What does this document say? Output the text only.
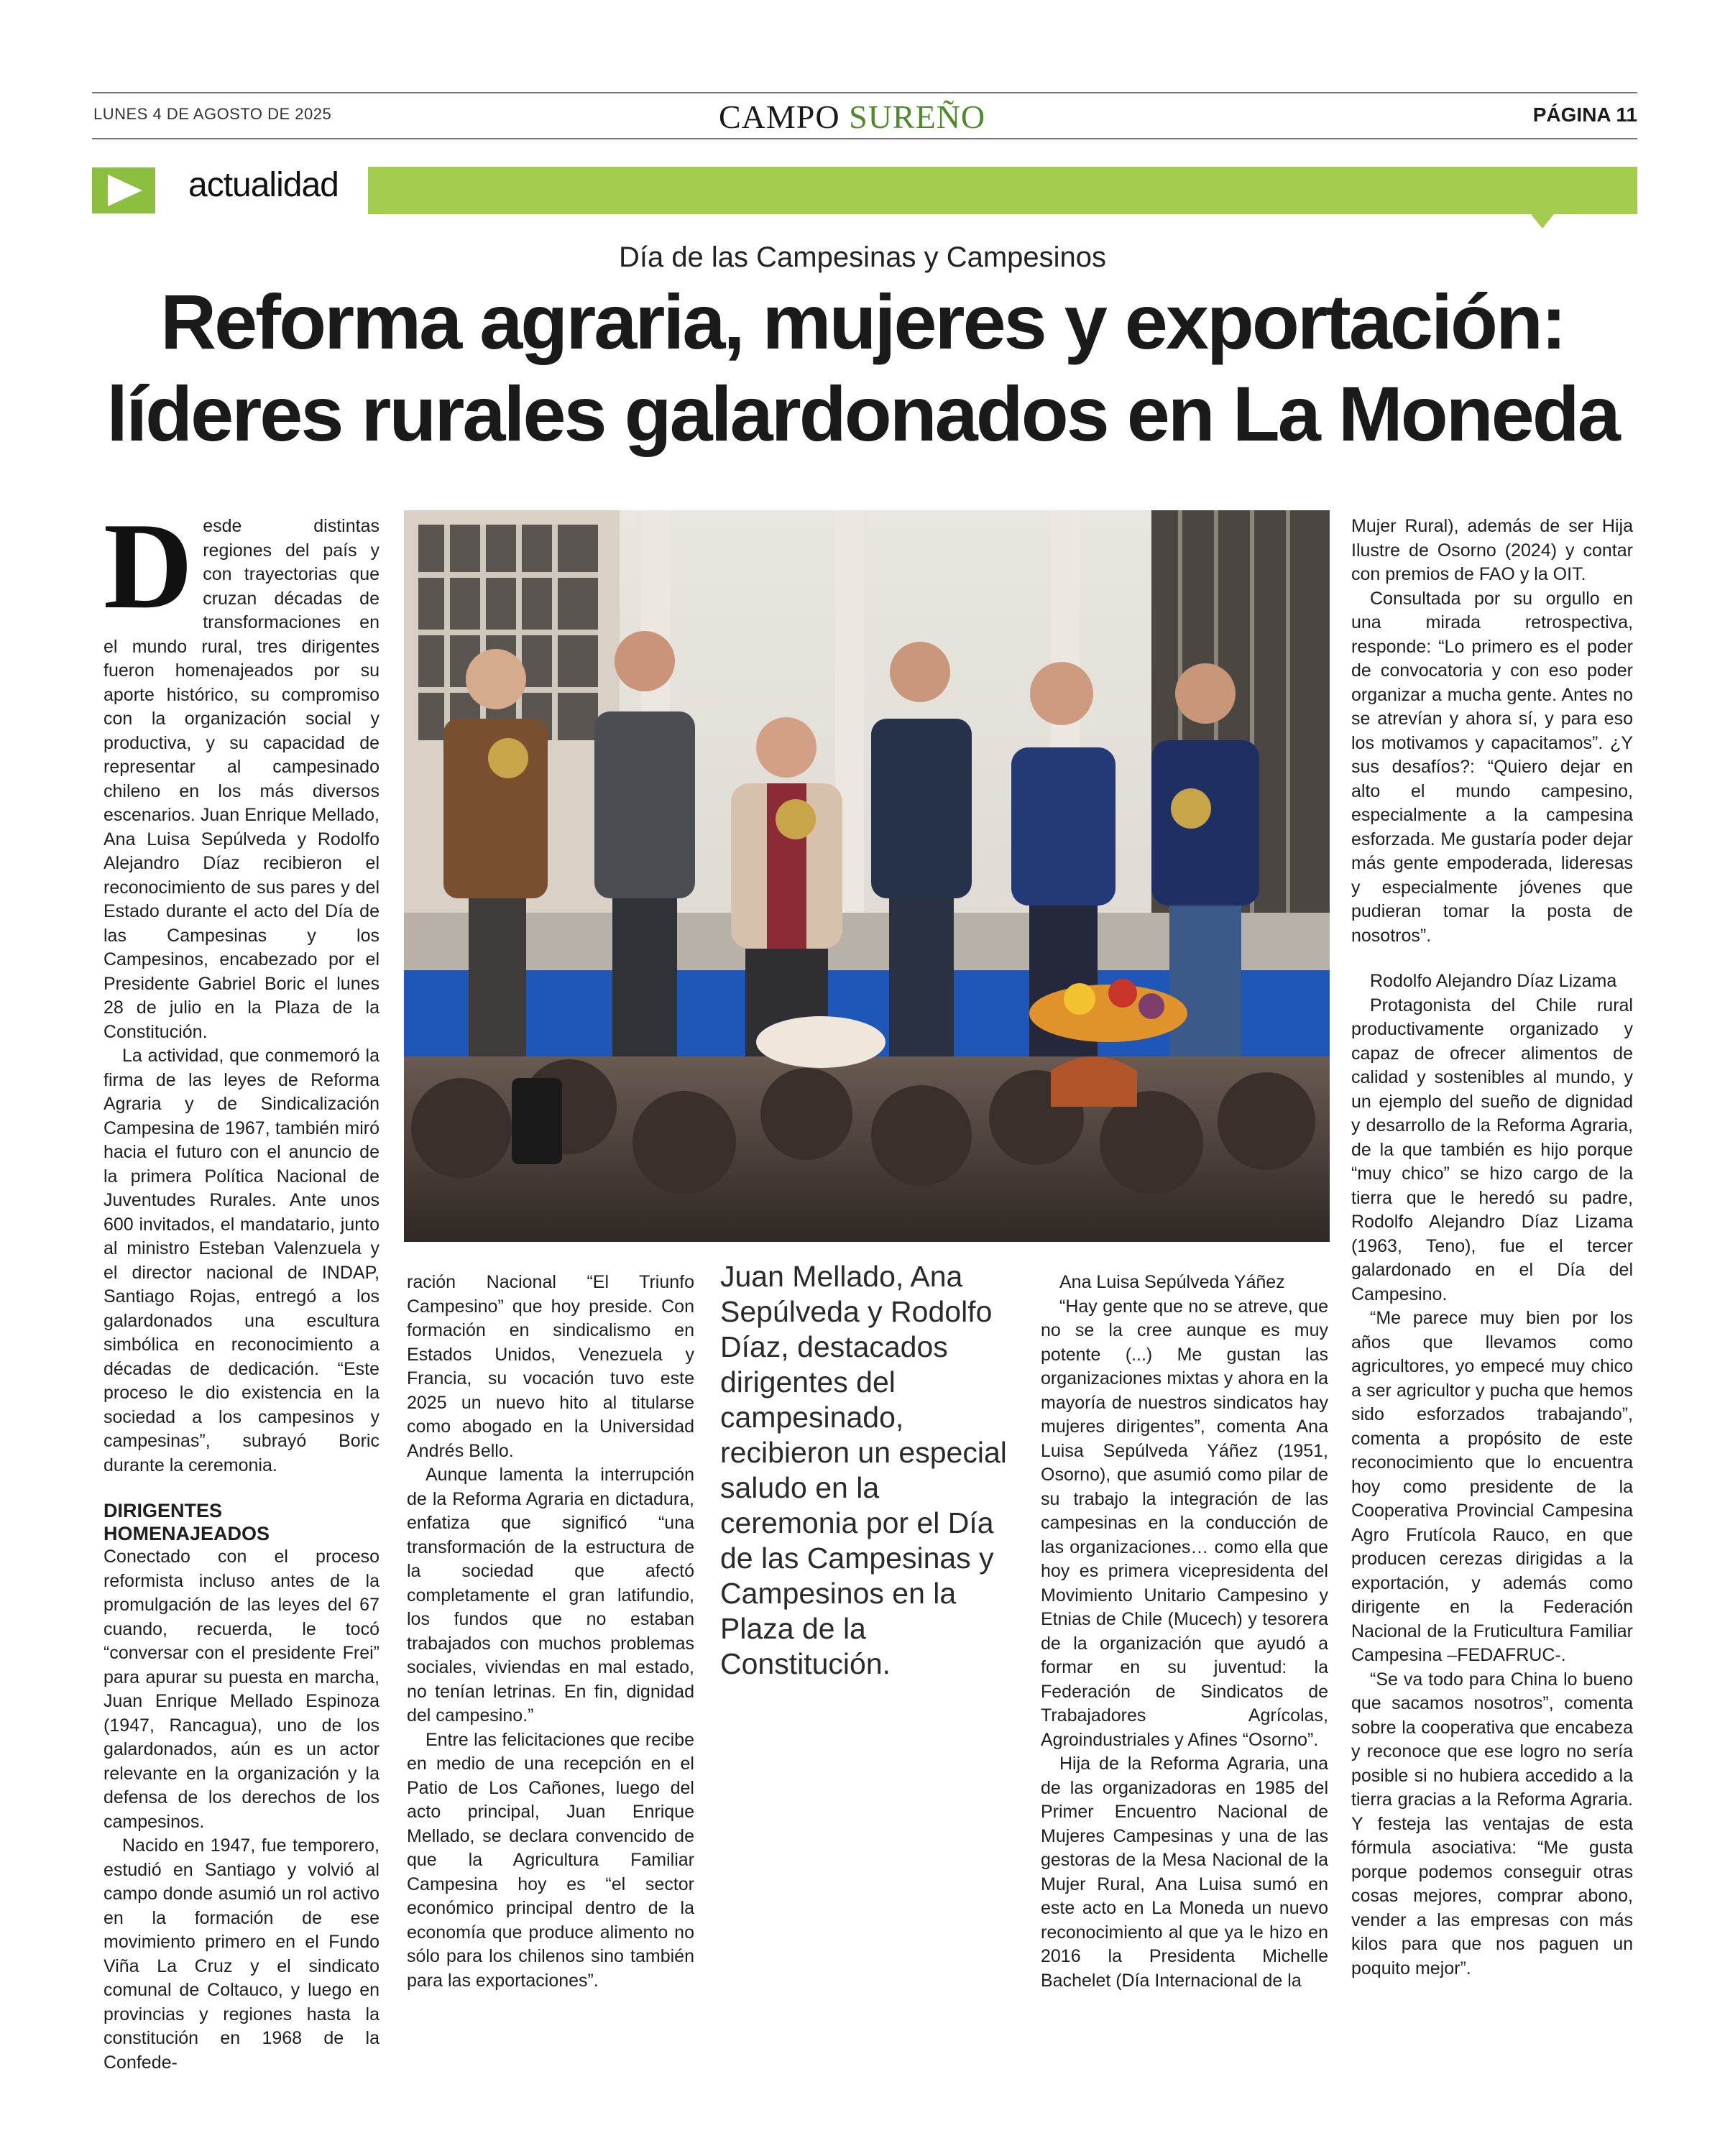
LUNES 4 DE AGOSTO DE 2025	CAMPO SUREÑO	PÁGINA 11
actualidad
Día de las Campesinas y Campesinos
Reforma agraria, mujeres y exportación:
líderes rurales galardonados en La Moneda
D esde distintas regiones del país y con trayectorias que cruzan décadas de transformaciones en el mundo rural, tres dirigentes fueron homenajeados por su aporte histórico, su compromiso con la organización social y productiva, y su capacidad de representar al campesinado chileno en los más diversos escenarios. Juan Enrique Mellado, Ana Luisa Sepúlveda y Rodolfo Alejandro Díaz recibieron el reconocimiento de sus pares y del Estado durante el acto del Día de las Campesinas y los Campesinos, encabezado por el Presidente Gabriel Boric el lunes 28 de julio en la Plaza de la Constitución.

La actividad, que conmemoró la firma de las leyes de Reforma Agraria y de Sindicalización Campesina de 1967, también miró hacia el futuro con el anuncio de la primera Política Nacional de Juventudes Rurales. Ante unos 600 invitados, el mandatario, junto al ministro Esteban Valenzuela y el director nacional de INDAP, Santiago Rojas, entregó a los galardonados una escultura simbólica en reconocimiento a décadas de dedicación. “Este proceso le dio existencia en la sociedad a los campesinos y campesinas”, subrayó Boric durante la ceremonia.

DIRIGENTES
HOMENAJEADOS

Conectado con el proceso reformista incluso antes de la promulgación de las leyes del 67 cuando, recuerda, le tocó “conversar con el presidente Frei” para apurar su puesta en marcha, Juan Enrique Mellado Espinoza (1947, Rancagua), uno de los galardonados, aún es un actor relevante en la organización y la defensa de los derechos de los campesinos.

Nacido en 1947, fue temporero, estudió en Santiago y volvió al campo donde asumió un rol activo en la formación de ese movimiento primero en el Fundo Viña La Cruz y el sindicato comunal de Coltauco, y luego en provincias y regiones hasta la constitución en 1968 de la Confede-

ración Nacional “El Triunfo Campesino” que hoy preside. Con formación en sindicalismo en Estados Unidos, Venezuela y Francia, su vocación tuvo este 2025 un nuevo hito al titularse como abogado en la Universidad Andrés Bello.

Aunque lamenta la interrupción de la Reforma Agraria en dictadura, enfatiza que significó “una transformación de la estructura de la sociedad que afectó completamente el gran latifundio, los fundos que no estaban trabajados con muchos problemas sociales, viviendas en mal estado, no tenían letrinas. En fin, dignidad del campesino.”

Entre las felicitaciones que recibe en medio de una recepción en el Patio de Los Cañones, luego del acto principal, Juan Enrique Mellado, se declara convencido de que la Agricultura Familiar Campesina hoy es “el sector económico principal dentro de la economía que produce alimento no sólo para los chilenos sino también para las exportaciones”.

Juan Mellado, Ana Sepúlveda y Rodolfo Díaz, destacados dirigentes del campesinado, recibieron un especial saludo en la ceremonia por el Día de las Campesinas y Campesinos en la Plaza de la Constitución.

Ana Luisa Sepúlveda Yáñez

“Hay gente que no se atreve, que no se la cree aunque es muy potente (...) Me gustan las organizaciones mixtas y ahora en la mayoría de nuestros sindicatos hay mujeres dirigentes”, comenta Ana Luisa Sepúlveda Yáñez (1951, Osorno), que asumió como pilar de su trabajo la integración de las campesinas en la conducción de las organizaciones… como ella que hoy es primera vicepresidenta del Movimiento Unitario Campesino y Etnias de Chile (Mucech) y tesorera de la organización que ayudó a formar en su juventud: la Federación de Sindicatos de Trabajadores Agrícolas, Agroindustriales y Afines “Osorno”.

Hija de la Reforma Agraria, una de las organizadoras en 1985 del Primer Encuentro Nacional de Mujeres Campesinas y una de las gestoras de la Mesa Nacional de la Mujer Rural, Ana Luisa sumó en este acto en La Moneda un nuevo reconocimiento al que ya le hizo en 2016 la Presidenta Michelle Bachelet (Día Internacional de la

Mujer Rural), además de ser Hija Ilustre de Osorno (2024) y contar con premios de FAO y la OIT.

Consultada por su orgullo en una mirada retrospectiva, responde: “Lo primero es el poder de convocatoria y con eso poder organizar a mucha gente. Antes no se atrevían y ahora sí, y para eso los motivamos y capacitamos”. ¿Y sus desafíos?: “Quiero dejar en alto el mundo campesino, especialmente a la campesina esforzada. Me gustaría poder dejar más gente empoderada, lideresas y especialmente jóvenes que pudieran tomar la posta de nosotros”.

Rodolfo Alejandro Díaz Lizama

Protagonista del Chile rural productivamente organizado y capaz de ofrecer alimentos de calidad y sostenibles al mundo, y un ejemplo del sueño de dignidad y desarrollo de la Reforma Agraria, de la que también es hijo porque “muy chico” se hizo cargo de la tierra que le heredó su padre, Rodolfo Alejandro Díaz Lizama (1963, Teno), fue el tercer galardonado en el Día del Campesino.

“Me parece muy bien por los años que llevamos como agricultores, yo empecé muy chico a ser agricultor y pucha que hemos sido esforzados trabajando”, comenta a propósito de este reconocimiento que lo encuentra hoy como presidente de la Cooperativa Provincial Campesina Agro Frutícola Rauco, en que producen cerezas dirigidas a la exportación, y además como dirigente en la Federación Nacional de la Fruticultura Familiar Campesina –FEDAFRUC-.

“Se va todo para China lo bueno que sacamos nosotros”, comenta sobre la cooperativa que encabeza y reconoce que ese logro no sería posible si no hubiera accedido a la tierra gracias a la Reforma Agraria. Y festeja las ventajas de esta fórmula asociativa: “Me gusta porque podemos conseguir otras cosas mejores, comprar abono, vender a las empresas con más kilos para que nos paguen un poquito mejor”.
